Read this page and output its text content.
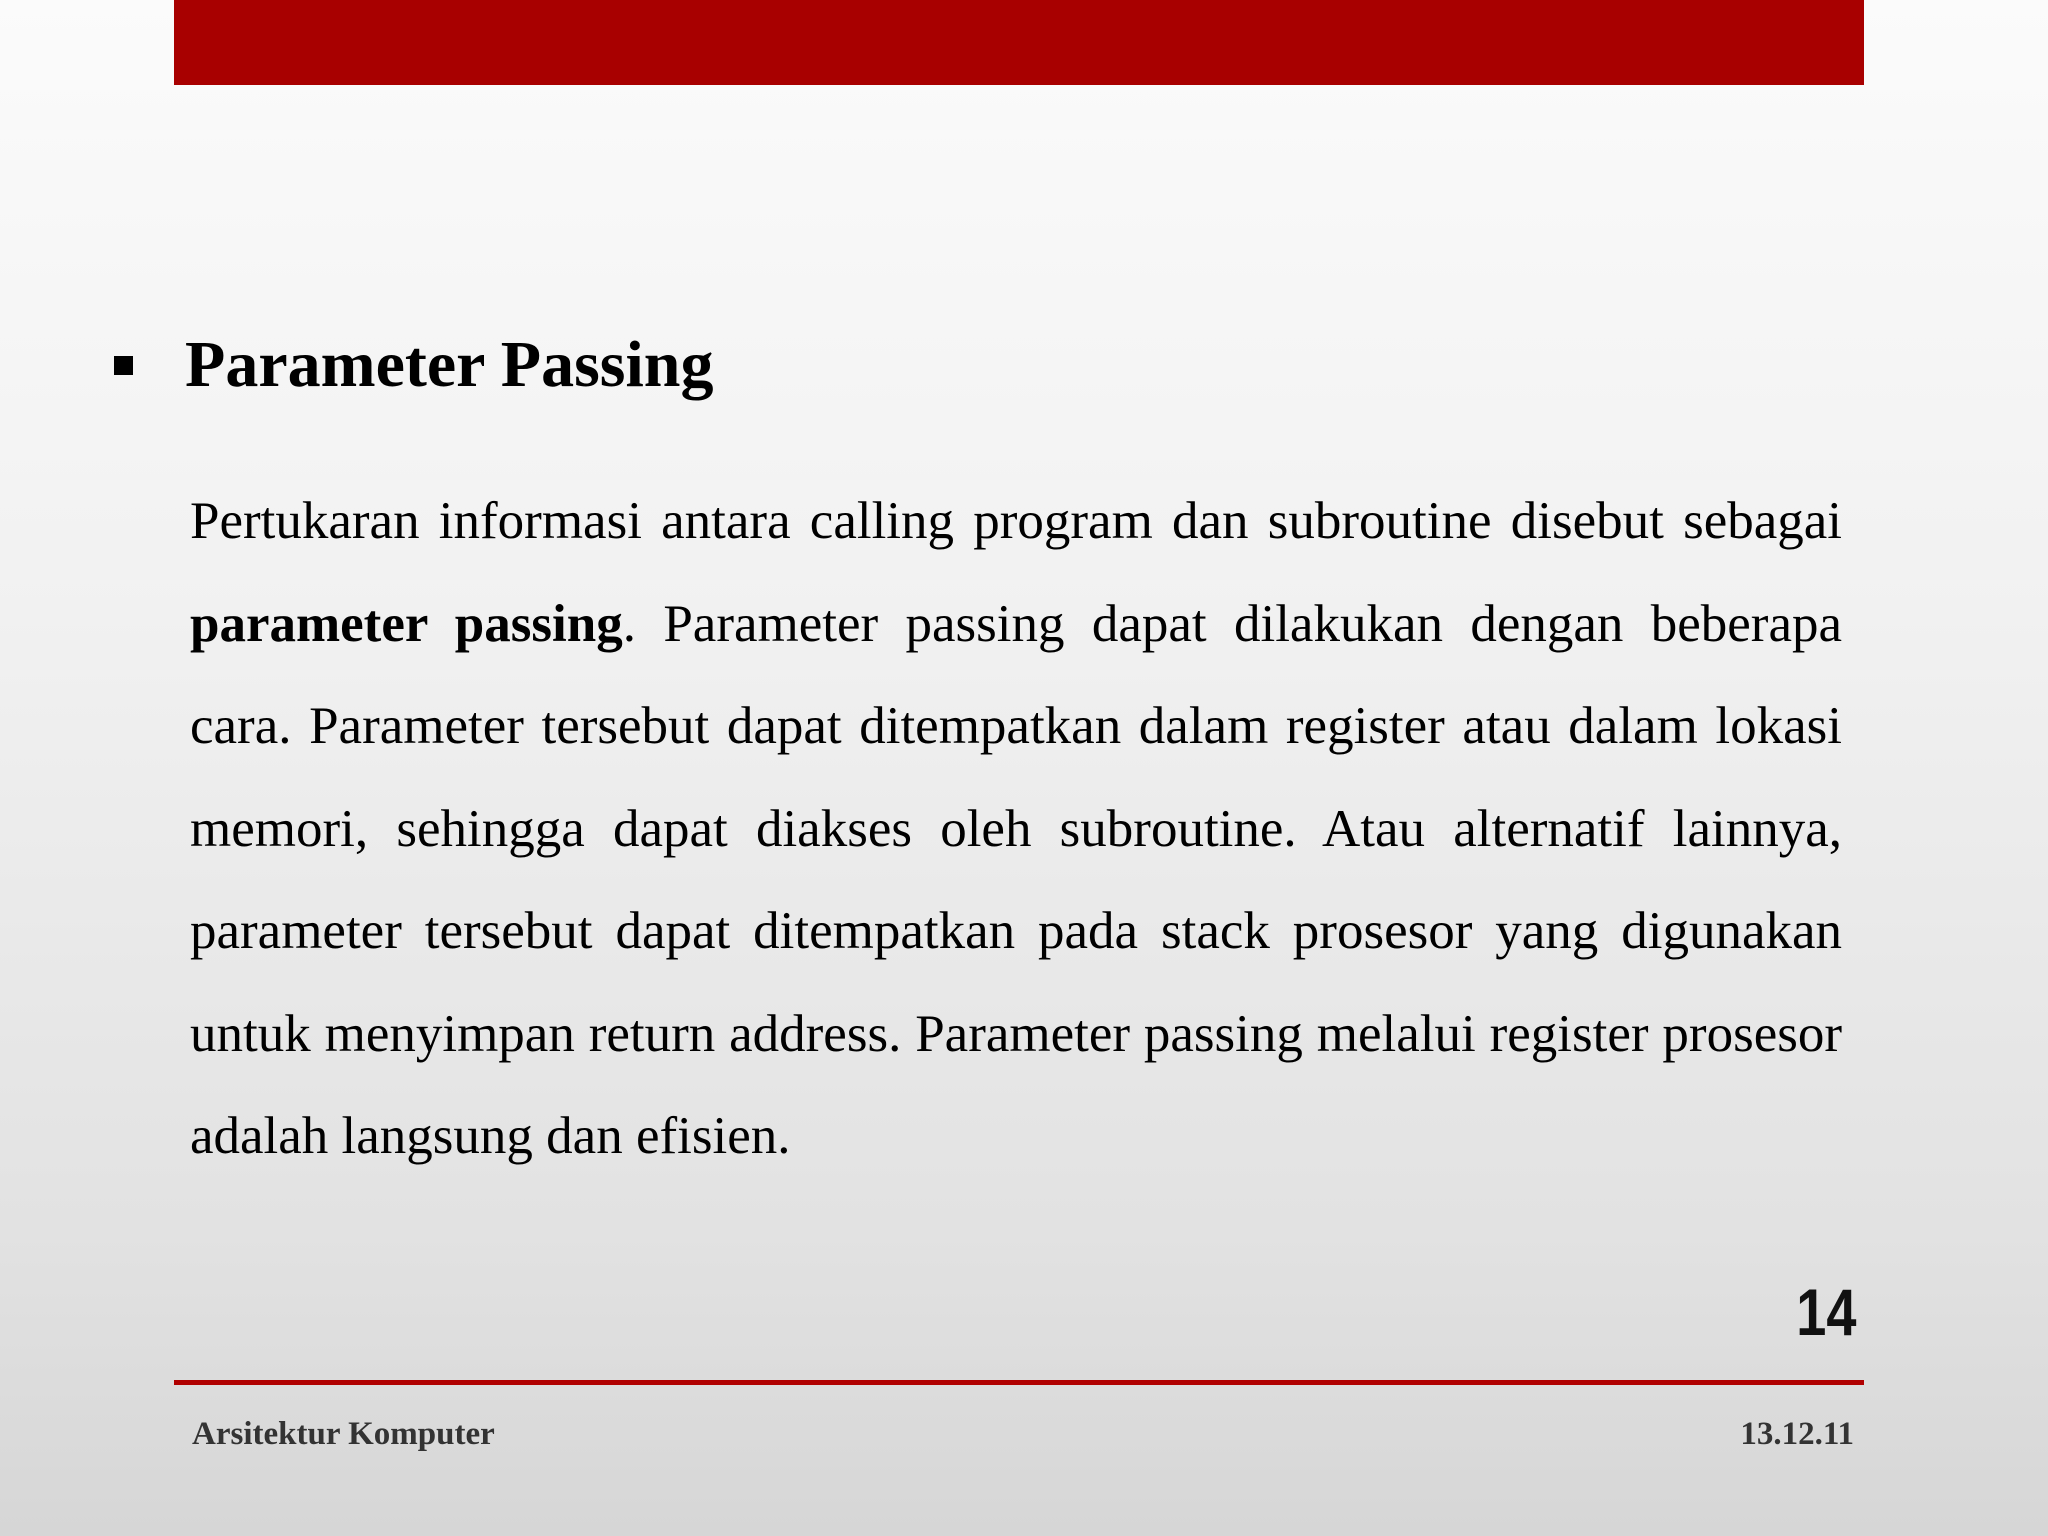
Parameter Passing

Pertukaran informasi antara calling program dan subroutine disebut sebagai parameter passing. Parameter passing dapat dilakukan dengan beberapa cara. Parameter tersebut dapat ditempatkan dalam register atau dalam lokasi memori, sehingga dapat diakses oleh subroutine. Atau alternatif lainnya, parameter tersebut dapat ditempatkan pada stack prosesor yang digunakan untuk menyimpan return address. Parameter passing melalui register prosesor adalah langsung dan efisien.

14
Arsitektur Komputer	13.12.11
